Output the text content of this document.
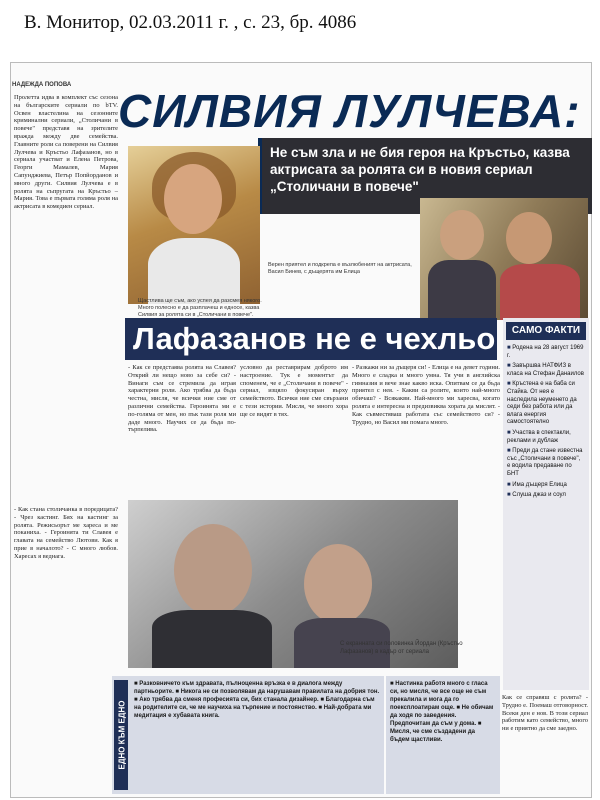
В. Монитор, 02.03.2011 г. , с. 23, бр. 4086
НАДЕЖДА ПОПОВА СИЛВИЯ ЛУЛЧЕВА:

Не съм зла и не бия героя на Кръстьо, казва актрисата за ролята си в новия сериал „Столичани в повече"

Щастлива ще съм, ако успея да разсмея някого. Много полесно е да разплачеш и едносе, казва Силвия за ролята си в „Столичани в повече".
Верен приятел и подкрепа е възлюбеният на актрисата, Васил Бинев, с дъщерята им Елица
Лафазанов не е чехльо	САМО ФАКТИ
■ Родена на 28 август 1969 г.
■ Завършва НАТФИЗ в класа на Стефан Данаилов
■ Кръстена е на баба си Стайка. От нея е наследила неуменето да седи без работа или да влага енергия самостоятелно
■ Участва в спектакли, реклами и дублаж
■ Преди да стане известна със „Столичани в повече", е водила предаване по БНТ
■ Има дъщеря Елица
■ Слуша джаз и соул
Пролетта идва в комплект със сезона на българските сериали по bTV. Освен властелина на сезонните криминални сериали, „Столичани в повече" представя на зрителите вражда между две семейства. Главните роли са поверени на Силвия Лулчева и Кръстьо Лафазанов, но в сериала участват и Елена Петрова, Георги Мамалев, Мария Сапунджиева, Петър Попйорданов и много други. Силвия Лулчева е в ролята на съпругата на Кръстьо – Мария. Това е първата голяма роля на актрисата в комедиен сериал.
- Как стана столичанка в поредицата? - Чрез кастинг. Бях на кастинг за ролята. Режисьорът ме хареса и ме поканиха. - Героинята ти Славея е главата на семейство Лютови. Как я прие в началото? - С много любов. Харесах я веднага.
- Как се предстаявa ролята на Славея? Открий ли нещо ново за себе си? - Винаги съм се стремила да играя характерни роли. Ако трябва да бъда честна, мисля, че всички ние сме от различни семейства. Героинята ми е по-голяма от мен, но пък тази роля ми даде много. Научих се да бъда по-търпелива.
условно да реставрирам доброто им настроение. Тук е моментът да споменем, че е „Столичани в повече" - сериал, изцяло фокусиран върху семейството. Всички ние сме свързани с тези истории. Мисля, че много хора ще се видят в тях.
- Разкажи ни за дъщеря си! - Елица е на девет години. Много е сладка и много умна. Тя учи в английска гимназия и вече знае какво иска. Опитвам се да бъда приятел с нея. - Какви са ролите, които най-много обичаш? - Всякакви. Най-много ми харесва, когато ролята е интересна и предизвиква хората да мислят. - Как съвместяваш работата със семейството си? - Трудно, но Васил ми помага много.
С екранната си половинка Йордан (Кръстьо Лафазанов) в кадър от сериала
ЕДНО КЪМ ЕДНО
■ Разковничето към здравата, пълноценна връзка е в диалога между партньорите. ■ Никога не си позволявам да нарушавам правилата на добрия тон. ■ Ако трябва да сменя професията си, бих станала дизайнер. ■ Благодарна съм на родителите си, че ме научиха на търпение и постоянство. ■ Най-добрата ми медитация е хубавата книга.
■ Настинка работя много с гласа си, но мисля, че все още не съм прекалила и мога да го поексплоатирам още. ■ Не обичам да ходя по заведения. Предпочитам да съм у дома. ■ Мисля, че сме създадени да бъдем щастливи.
Как се справяш с ролята? - Трудно е. Поемаш отговорност. Всеки ден е нов. В този сериал работим като семейство, много ни е приятно да сме заедно.
